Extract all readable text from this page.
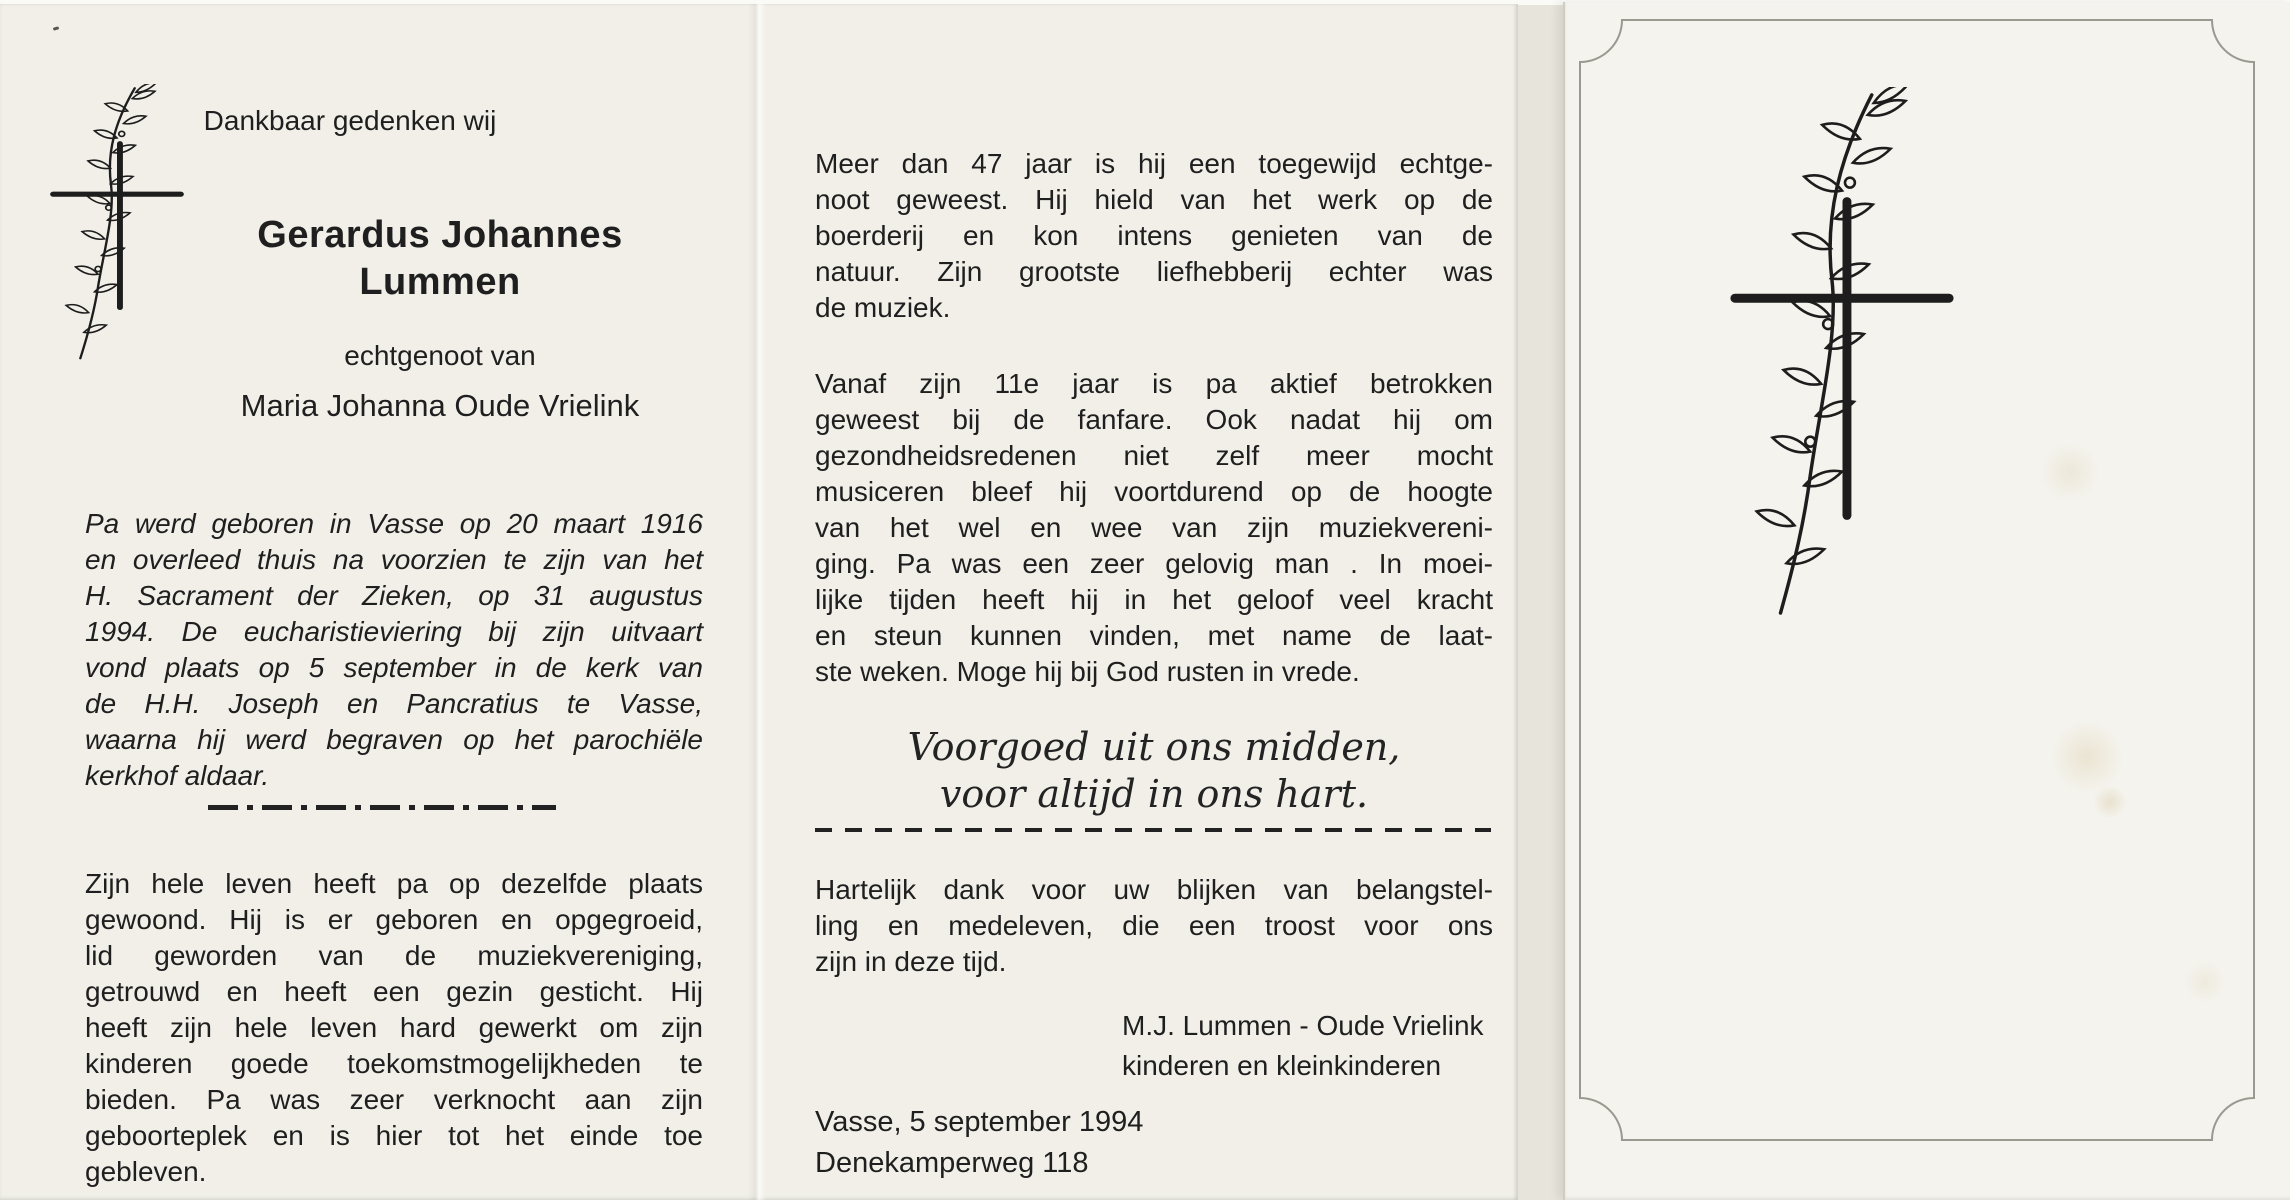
Dankbaar gedenken wij
Gerardus Johannes
Lummen
echtgenoot van
Maria Johanna Oude Vrielink
Pa werd geboren in Vasse op 20 maart 1916
en overleed thuis na voorzien te zijn van het
H. Sacrament der Zieken, op 31 augustus
1994. De eucharistieviering bij zijn uitvaart
vond plaats op 5 september in de kerk van
de H.H. Joseph en Pancratius te Vasse,
waarna hij werd begraven op het parochiële
kerkhof aldaar.
Zijn hele leven heeft pa op dezelfde plaats
gewoond. Hij is er geboren en opgegroeid,
lid geworden van de muziekvereniging,
getrouwd en heeft een gezin gesticht. Hij
heeft zijn hele leven hard gewerkt om zijn
kinderen goede toekomstmogelijkheden te
bieden. Pa was zeer verknocht aan zijn
geboorteplek en is hier tot het einde toe
gebleven.
Meer dan 47 jaar is hij een toegewijd echtge-
noot geweest. Hij hield van het werk op de
boerderij en kon intens genieten van de
natuur. Zijn grootste liefhebberij echter was
de muziek.
Vanaf zijn 11e jaar is pa aktief betrokken
geweest bij de fanfare. Ook nadat hij om
gezondheidsredenen niet zelf meer mocht
musiceren bleef hij voortdurend op de hoogte
van het wel en wee van zijn muziekvereni-
ging. Pa was een zeer gelovig man . In moei-
lijke tijden heeft hij in het geloof veel kracht
en steun kunnen vinden, met name de laat-
ste weken. Moge hij bij God rusten in vrede.
Voorgoed uit ons midden,
voor altijd in ons hart.
Hartelijk dank voor uw blijken van belangstel-
ling en medeleven, die een troost voor ons
zijn in deze tijd.
M.J. Lummen - Oude Vrielink
kinderen en kleinkinderen
Vasse, 5 september 1994
Denekamperweg 118
